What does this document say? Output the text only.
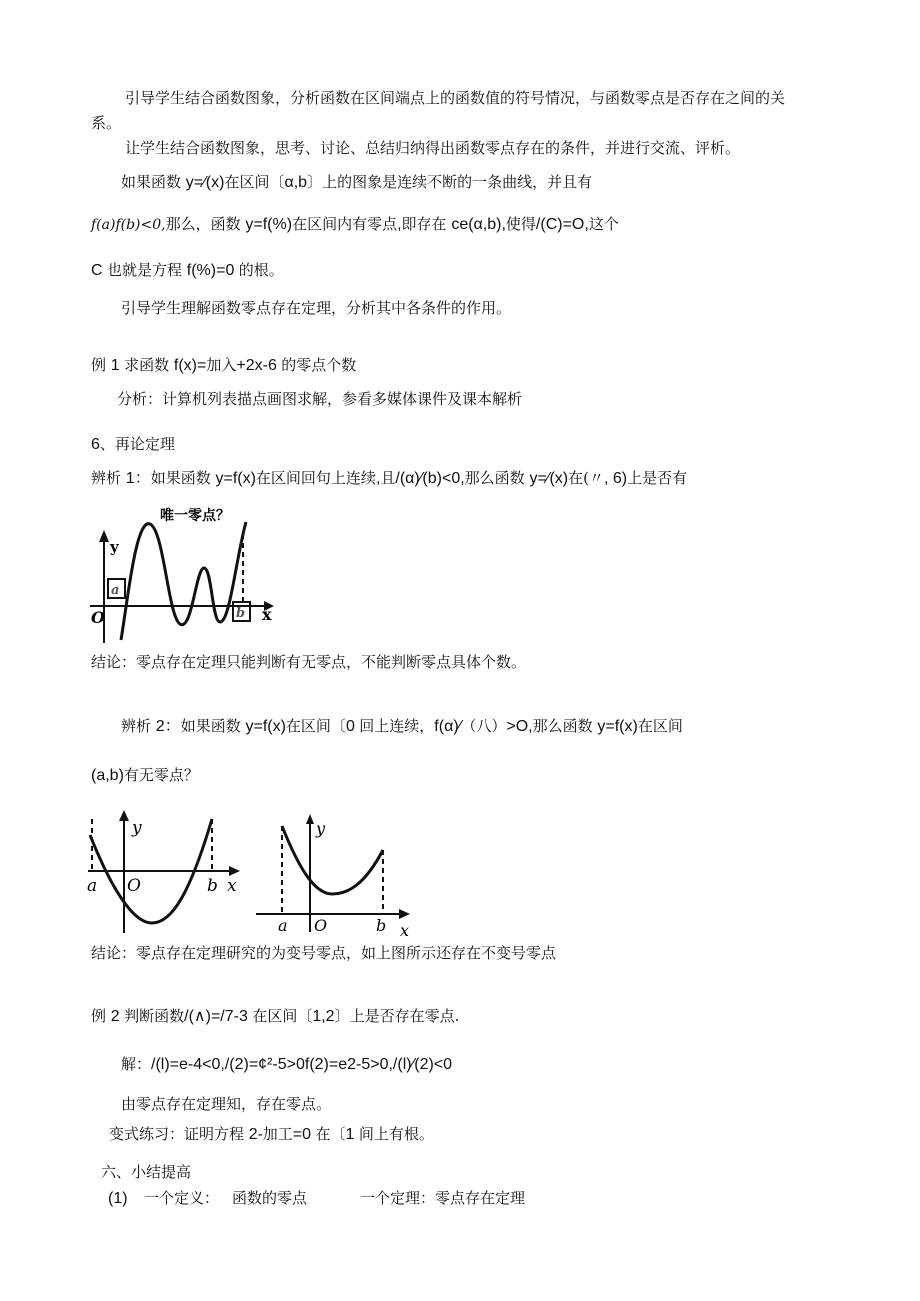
引导学生结合函数图象，分析函数在区间端点上的函数值的符号情况，与函数零点是否存在之间的关
系。
让学生结合函数图象，思考、讨论、总结归纳得出函数零点存在的条件，并进行交流、评析。
如果函数 y=⁄(x)在区间〔α,b〕上的图象是连续不断的一条曲线，并且有
f(a)f(b)<0,那么，函数 y=f(%)在区间内有零点,即存在 ce(α,b),使得/(C)=O,这个
C 也就是方程 f(%)=0 的根。
引导学生理解函数零点存在定理，分析其中各条件的作用。
例 1 求函数 f(x)=加入+2x-6 的零点个数
分析：计算机列表描点画图求解，参看多媒体课件及课本解析
6、再论定理
辨析 1：如果函数 y=f(x)在区间回句上连续,且/(α)⁄(b)<0,那么函数 y=⁄(x)在(〃, 6)上是否有
唯一零点？
y
x
O
a
b
结论：零点存在定理只能判断有无零点，不能判断零点具体个数。
辨析 2：如果函数 y=f(x)在区间〔0 回上连续，f(α)⁄（八）>O,那么函数 y=f(x)在区间
(a,b)有无零点？
y
x
O
a	b
y
x
O
a	b
结论：零点存在定理研究的为变号零点，如上图所示还存在不变号零点
例 2 判断函数/(∧)=/7-3 在区间〔1,2〕上是否存在零点.
解：/(l)=e-4<0,/(2)=¢²-5>0f(2)=e2-5>0,/(l)⁄(2)<0
由零点存在定理知，存在零点。
变式练习：证明方程 2-加工=0 在〔1 间上有根。
六、小结提高
(1) 一个定义： 函数的零点	一个定理：零点存在定理
